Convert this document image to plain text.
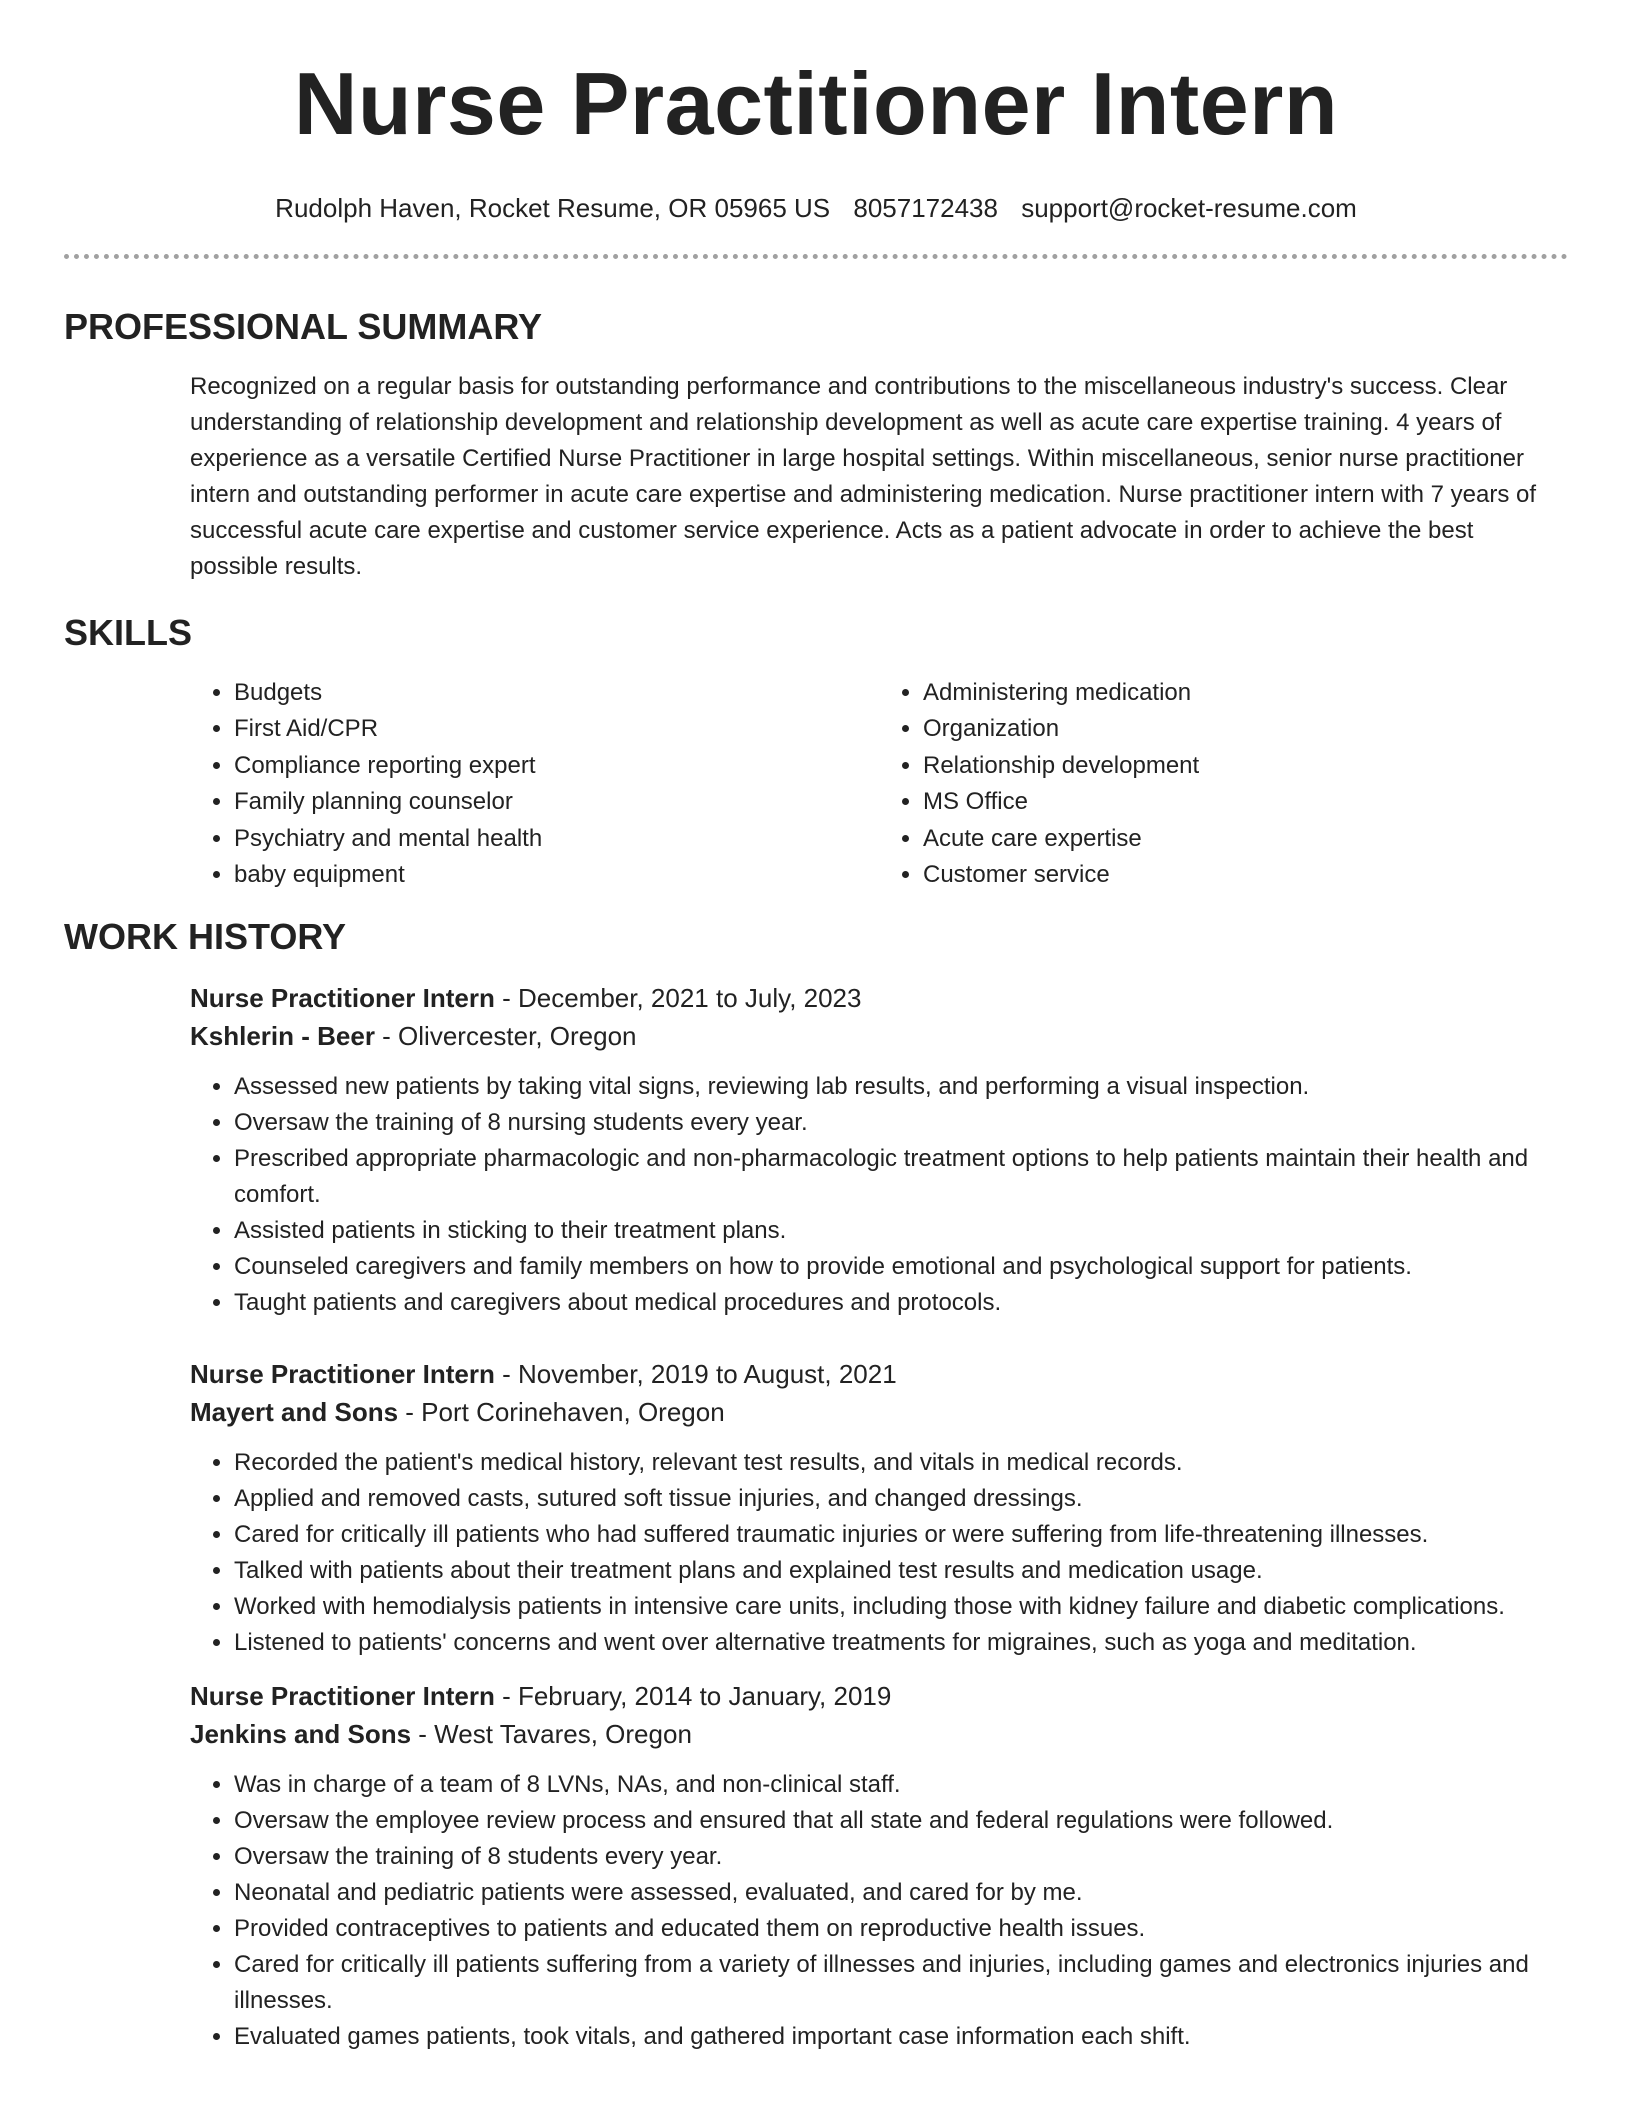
Nurse Practitioner Intern
Rudolph Haven, Rocket Resume, OR 05965 US 8057172438 support@rocket-resume.com
PROFESSIONAL SUMMARY

Recognized on a regular basis for outstanding performance and contributions to the miscellaneous industry's success. Clear understanding of relationship development and relationship development as well as acute care expertise training. 4 years of experience as a versatile Certified Nurse Practitioner in large hospital settings. Within miscellaneous, senior nurse practitioner intern and outstanding performer in acute care expertise and administering medication. Nurse practitioner intern with 7 years of successful acute care expertise and customer service experience. Acts as a patient advocate in order to achieve the best possible results.

SKILLS
• Budgets
• First Aid/CPR
• Compliance reporting expert
• Family planning counselor
• Psychiatry and mental health
• baby equipment
• Administering medication
• Organization
• Relationship development
• MS Office
• Acute care expertise
• Customer service
WORK HISTORY

Nurse Practitioner Intern - December, 2021 to July, 2023

Kshlerin - Beer - Olivercester, Oregon

• Assessed new patients by taking vital signs, reviewing lab results, and performing a visual inspection.
• Oversaw the training of 8 nursing students every year.
• Prescribed appropriate pharmacologic and non-pharmacologic treatment options to help patients maintain their health and comfort.
• Assisted patients in sticking to their treatment plans.
• Counseled caregivers and family members on how to provide emotional and psychological support for patients.
• Taught patients and caregivers about medical procedures and protocols.

Nurse Practitioner Intern - November, 2019 to August, 2021

Mayert and Sons - Port Corinehaven, Oregon

• Recorded the patient's medical history, relevant test results, and vitals in medical records.
• Applied and removed casts, sutured soft tissue injuries, and changed dressings.
• Cared for critically ill patients who had suffered traumatic injuries or were suffering from life-threatening illnesses.
• Talked with patients about their treatment plans and explained test results and medication usage.
• Worked with hemodialysis patients in intensive care units, including those with kidney failure and diabetic complications.
• Listened to patients' concerns and went over alternative treatments for migraines, such as yoga and meditation.

Nurse Practitioner Intern - February, 2014 to January, 2019

Jenkins and Sons - West Tavares, Oregon

• Was in charge of a team of 8 LVNs, NAs, and non-clinical staff.
• Oversaw the employee review process and ensured that all state and federal regulations were followed.
• Oversaw the training of 8 students every year.
• Neonatal and pediatric patients were assessed, evaluated, and cared for by me.
• Provided contraceptives to patients and educated them on reproductive health issues.
• Cared for critically ill patients suffering from a variety of illnesses and injuries, including games and electronics injuries and illnesses.
• Evaluated games patients, took vitals, and gathered important case information each shift.
